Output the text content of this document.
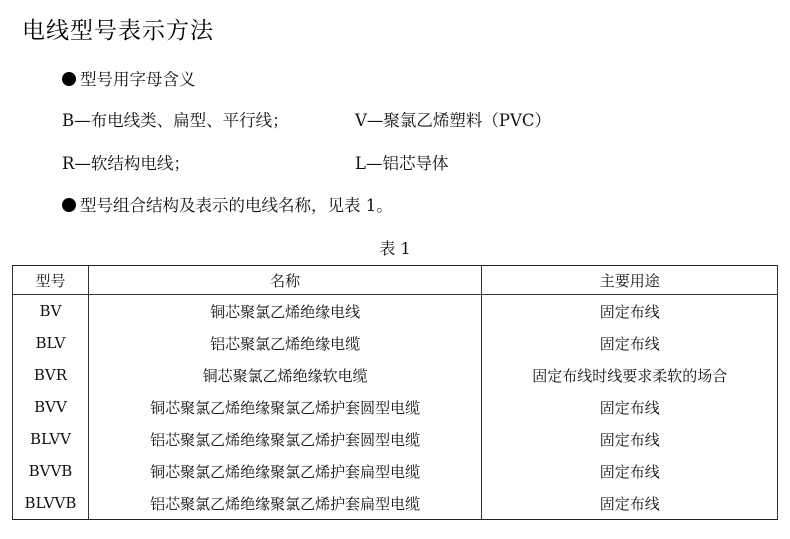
电线型号表示方法
型号用字母含义
B—布电线类、扁型、平行线；	V—聚氯乙烯塑料（PVC）
R—软结构电线；	L—铝芯导体
型号组合结构及表示的电线名称，见表 1。
表 1
型号	名称	主要用途
BV	铜芯聚氯乙烯绝缘电线	固定布线
BLV	铝芯聚氯乙烯绝缘电缆	固定布线
BVR	铜芯聚氯乙烯绝缘软电缆	固定布线时线要求柔软的场合
BVV	铜芯聚氯乙烯绝缘聚氯乙烯护套圆型电缆	固定布线
BLVV	铝芯聚氯乙烯绝缘聚氯乙烯护套圆型电缆	固定布线
BVVB	铜芯聚氯乙烯绝缘聚氯乙烯护套扁型电缆	固定布线
BLVVB	铝芯聚氯乙烯绝缘聚氯乙烯护套扁型电缆	固定布线
